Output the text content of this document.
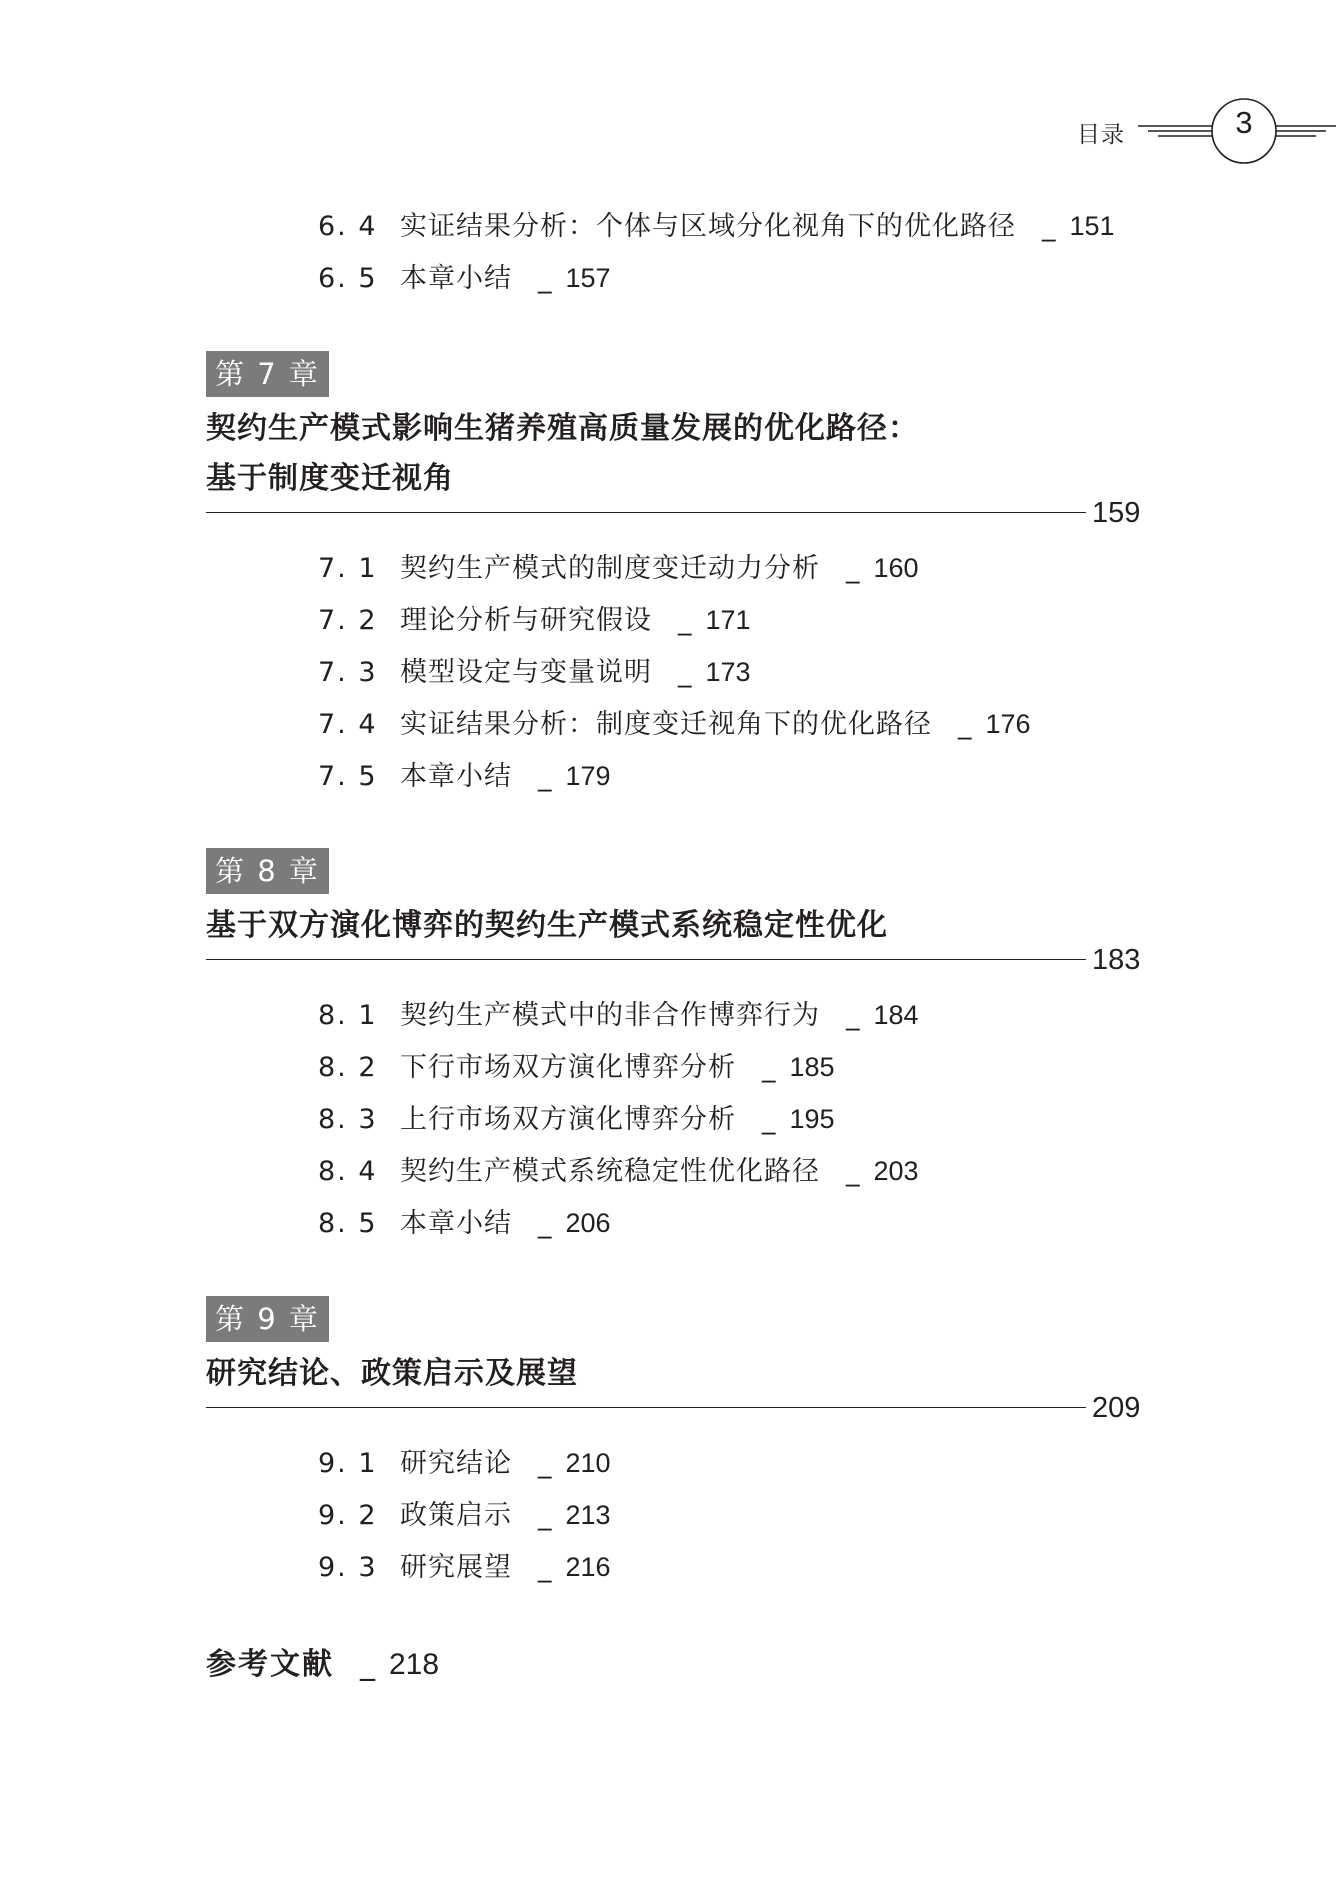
目录	3
6. 4 实证结果分析：个体与区域分化视角下的优化路径 _ 151
6. 5 本章小结 _ 157
第 7 章
契约生产模式影响生猪养殖高质量发展的优化路径：
基于制度变迁视角
159
7. 1 契约生产模式的制度变迁动力分析 _ 160
7. 2 理论分析与研究假设 _ 171
7. 3 模型设定与变量说明 _ 173
7. 4 实证结果分析：制度变迁视角下的优化路径 _ 176
7. 5 本章小结 _ 179
第 8 章
基于双方演化博弈的契约生产模式系统稳定性优化
183
8. 1 契约生产模式中的非合作博弈行为 _ 184
8. 2 下行市场双方演化博弈分析 _ 185
8. 3 上行市场双方演化博弈分析 _ 195
8. 4 契约生产模式系统稳定性优化路径 _ 203
8. 5 本章小结 _ 206
第 9 章
研究结论、政策启示及展望
209
9. 1 研究结论 _ 210
9. 2 政策启示 _ 213
9. 3 研究展望 _ 216
参考文献 _ 218
